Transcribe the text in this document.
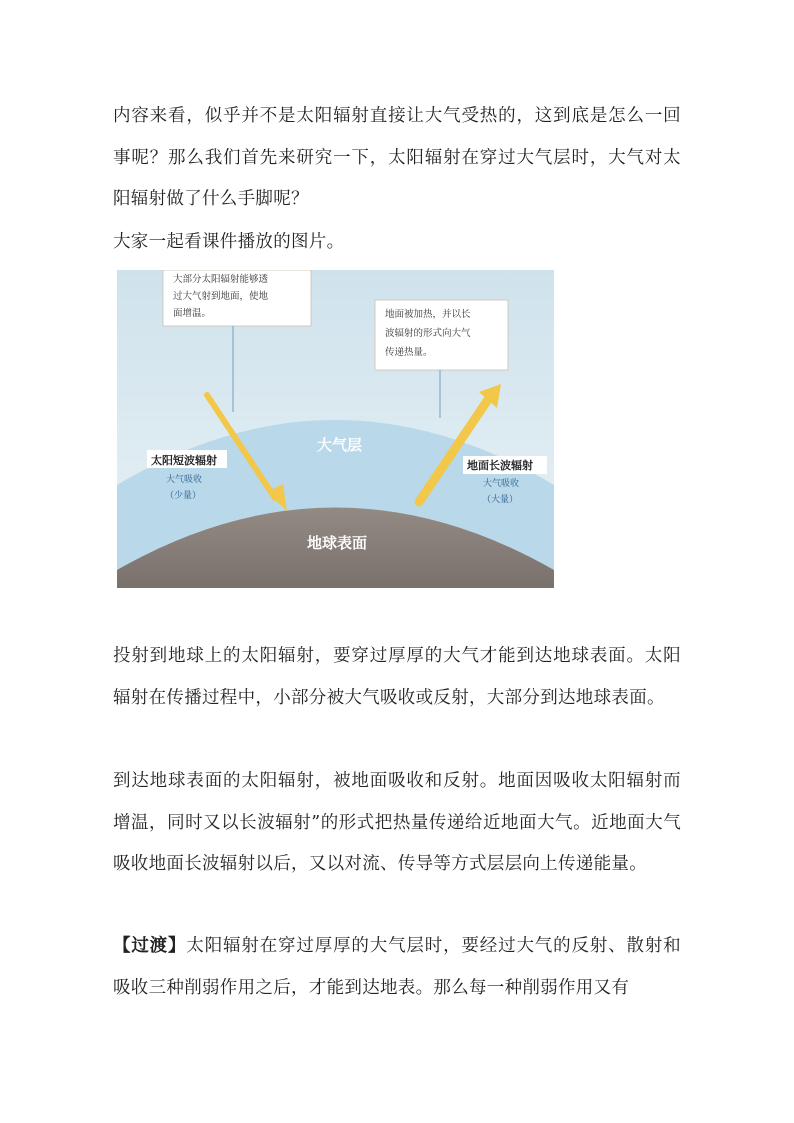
内容来看，似乎并不是太阳辐射直接让大气受热的，这到底是怎么一回事呢？那么我们首先来研究一下，太阳辐射在穿过大气层时，大气对太阳辐射做了什么手脚呢？

大家一起看课件播放的图片。

大部分太阳辐射能够透
过大气射到地面，使地
面增温。	地面被加热，并以长
波辐射的形式向大气
传递热量。
大气层
地球表面
太阳短波辐射
大气吸收
（少量）
地面长波辐射
大气吸收
（大量）

投射到地球上的太阳辐射，要穿过厚厚的大气才能到达地球表面。太阳辐射在传播过程中，小部分被大气吸收或反射，大部分到达地球表面。

到达地球表面的太阳辐射，被地面吸收和反射。地面因吸收太阳辐射而增温，同时又以长波辐射”的形式把热量传递给近地面大气。近地面大气吸收地面长波辐射以后，又以对流、传导等方式层层向上传递能量。

【过渡】太阳辐射在穿过厚厚的大气层时，要经过大气的反射、散射和吸收三种削弱作用之后，才能到达地表。那么每一种削弱作用又有
